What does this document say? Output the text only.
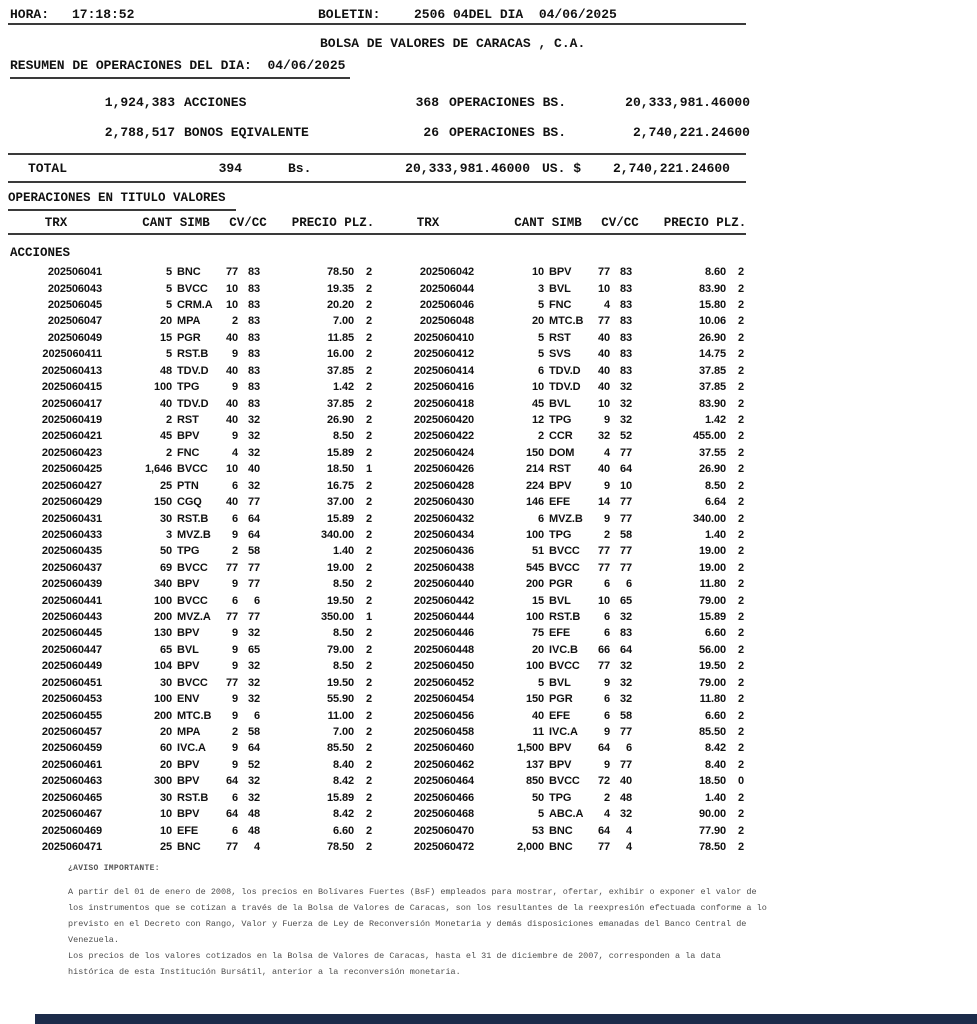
HORA: 17:18:52	BOLETIN:	2506 04DEL DIA  04/06/2025
BOLSA DE VALORES DE CARACAS , C.A.
RESUMEN DE OPERACIONES DEL DIA:  04/06/2025
1,924,383 ACCIONES	368 OPERACIONES BS.	20,333,981.46000
2,788,517 BONOS EQIVALENTE	26 OPERACIONES BS.	2,740,221.24600
TOTAL	394	Bs.	20,333,981.46000 US. $	2,740,221.24600
OPERACIONES EN TITULO VALORES
TRX	CANT SIMB	CV/CC	PRECIO PLZ.	TRX	CANT SIMB	CV/CC	PRECIO PLZ.
ACCIONES
202506041	5 BNC	77 83	78.50	2	202506042	10 BPV	77 83	8.60	2
202506043	5 BVCC	10 83	19.35	2	202506044	3 BVL	10 83	83.90	2
202506045	5 CRM.A	10 83	20.20	2	202506046	5 FNC	4 83	15.80	2
202506047	20 MPA	2 83	7.00	2	202506048	20 MTC.B	77 83	10.06	2
202506049	15 PGR	40 83	11.85	2	2025060410	5 RST	40 83	26.90	2
2025060411	5 RST.B	9 83	16.00	2	2025060412	5 SVS	40 83	14.75	2
2025060413	48 TDV.D	40 83	37.85	2	2025060414	6 TDV.D	40 83	37.85	2
2025060415	100 TPG	9 83	1.42	2	2025060416	10 TDV.D	40 32	37.85	2
2025060417	40 TDV.D	40 83	37.85	2	2025060418	45 BVL	10 32	83.90	2
2025060419	2 RST	40 32	26.90	2	2025060420	12 TPG	9 32	1.42	2
2025060421	45 BPV	9 32	8.50	2	2025060422	2 CCR	32 52	455.00	2
2025060423	2 FNC	4 32	15.89	2	2025060424	150 DOM	4 77	37.55	2
2025060425	1,646 BVCC	10 40	18.50	1	2025060426	214 RST	40 64	26.90	2
2025060427	25 PTN	6 32	16.75	2	2025060428	224 BPV	9 10	8.50	2
2025060429	150 CGQ	40 77	37.00	2	2025060430	146 EFE	14 77	6.64	2
2025060431	30 RST.B	6 64	15.89	2	2025060432	6 MVZ.B	9 77	340.00	2
2025060433	3 MVZ.B	9 64	340.00	2	2025060434	100 TPG	2 58	1.40	2
2025060435	50 TPG	2 58	1.40	2	2025060436	51 BVCC	77 77	19.00	2
2025060437	69 BVCC	77 77	19.00	2	2025060438	545 BVCC	77 77	19.00	2
2025060439	340 BPV	9 77	8.50	2	2025060440	200 PGR	6	6	11.80	2
2025060441	100 BVCC	6	6	19.50	2	2025060442	15 BVL	10 65	79.00	2
2025060443	200 MVZ.A	77 77	350.00	1	2025060444	100 RST.B	6 32	15.89	2
2025060445	130 BPV	9 32	8.50	2	2025060446	75 EFE	6 83	6.60	2
2025060447	65 BVL	9 65	79.00	2	2025060448	20 IVC.B	66 64	56.00	2
2025060449	104 BPV	9 32	8.50	2	2025060450	100 BVCC	77 32	19.50	2
2025060451	30 BVCC	77 32	19.50	2	2025060452	5 BVL	9 32	79.00	2
2025060453	100 ENV	9 32	55.90	2	2025060454	150 PGR	6 32	11.80	2
2025060455	200 MTC.B	9	6	11.00	2	2025060456	40 EFE	6 58	6.60	2
2025060457	20 MPA	2 58	7.00	2	2025060458	11 IVC.A	9 77	85.50	2
2025060459	60 IVC.A	9 64	85.50	2	2025060460	1,500 BPV	64	6	8.42	2
2025060461	20 BPV	9 52	8.40	2	2025060462	137 BPV	9 77	8.40	2
2025060463	300 BPV	64 32	8.42	2	2025060464	850 BVCC	72 40	18.50	0
2025060465	30 RST.B	6 32	15.89	2	2025060466	50 TPG	2 48	1.40	2
2025060467	10 BPV	64 48	8.42	2	2025060468	5 ABC.A	4 32	90.00	2
2025060469	10 EFE	6 48	6.60	2	2025060470	53 BNC	64	4	77.90	2
2025060471	25 BNC	77	4	78.50	2	2025060472	2,000 BNC	77	4	78.50	2
¿AVISO IMPORTANTE:
A partir del 01 de enero de 2008, los precios en Bolívares Fuertes (BsF) empleados para mostrar, ofertar, exhibir o exponer el valor de
los instrumentos que se cotizan a través de la Bolsa de Valores de Caracas, son los resultantes de la reexpresión efectuada conforme a lo
previsto en el Decreto con Rango, Valor y Fuerza de Ley de Reconversión Monetaria y demás disposiciones emanadas del Banco Central de
Venezuela.
Los precios de los valores cotizados en la Bolsa de Valores de Caracas, hasta el 31 de diciembre de 2007, corresponden a la data
histórica de esta Institución Bursátil, anterior a la reconversión monetaria.
